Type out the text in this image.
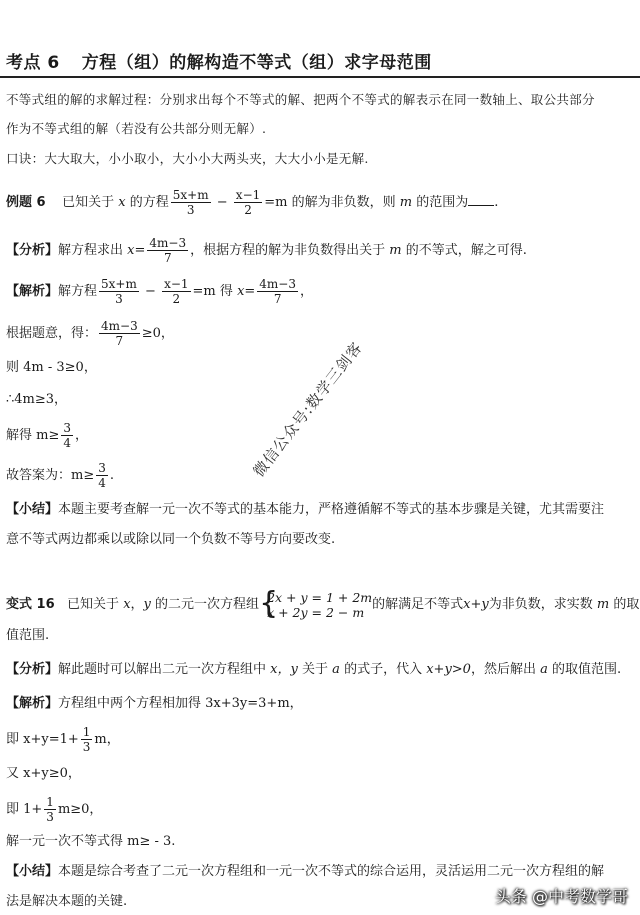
考点 6 方程（组）的解构造不等式（组）求字母范围
不等式组的解的求解过程：分别求出每个不等式的解、把两个不等式的解表示在同一数轴上、取公共部分
作为不等式组的解（若没有公共部分则无解）.
口诀：大大取大，小小取小，大小小大两头夹，大大小小是无解.
例题 6 已知关于 x 的方程 $\frac{5x+m}{3} - \frac{x-1}{2} =m$ 的解为非负数，则 m 的范围为 .
【分析】解方程求出 $x= \frac{4m-3}{7}$ ，根据方程的解为非负数得出关于 m 的不等式，解之可得.
【解析】解方程 $\frac{5x+m}{3} - \frac{x-1}{2} =m$ 得 $x= \frac{4m-3}{7}$ ，
根据题意，得： $\frac{4m-3}{7} \ge 0$，
则 4m - 3≥0，
∴4m≥3，
解得 $m\ge \frac{3}{4}$ ，
故答案为：$m\ge \frac{3}{4}$ .
【小结】本题主要考查解一元一次不等式的基本能力，严格遵循解不等式的基本步骤是关键，尤其需要注
意不等式两边都乘以或除以同一个负数不等号方向要改变.
变式 16 已知关于 x，y 的二元一次方程组 {
2x + y = 1 + 2m
x + 2y = 2 − m 的解满足不等式x+y为非负数，求实数 m 的取
值范围.
【分析】解此题时可以解出二元一次方程组中 x，y 关于 a 的式子，代入 x+y>0，然后解出 a 的取值范围.
【解析】方程组中两个方程相加得 3x+3y=3+m，
即 $x+y=1+ \frac{1}{3}$ m，
又 x+y≥0，
即 $1+ \frac{1}{3} m\ge 0$，
解一元一次不等式得 m≥ - 3.
【小结】本题是综合考查了二元一次方程组和一元一次不等式的综合运用，灵活运用二元一次方程组的解
法是解决本题的关键.
微信公众号:数学三剑客
头条 @中考数学哥
